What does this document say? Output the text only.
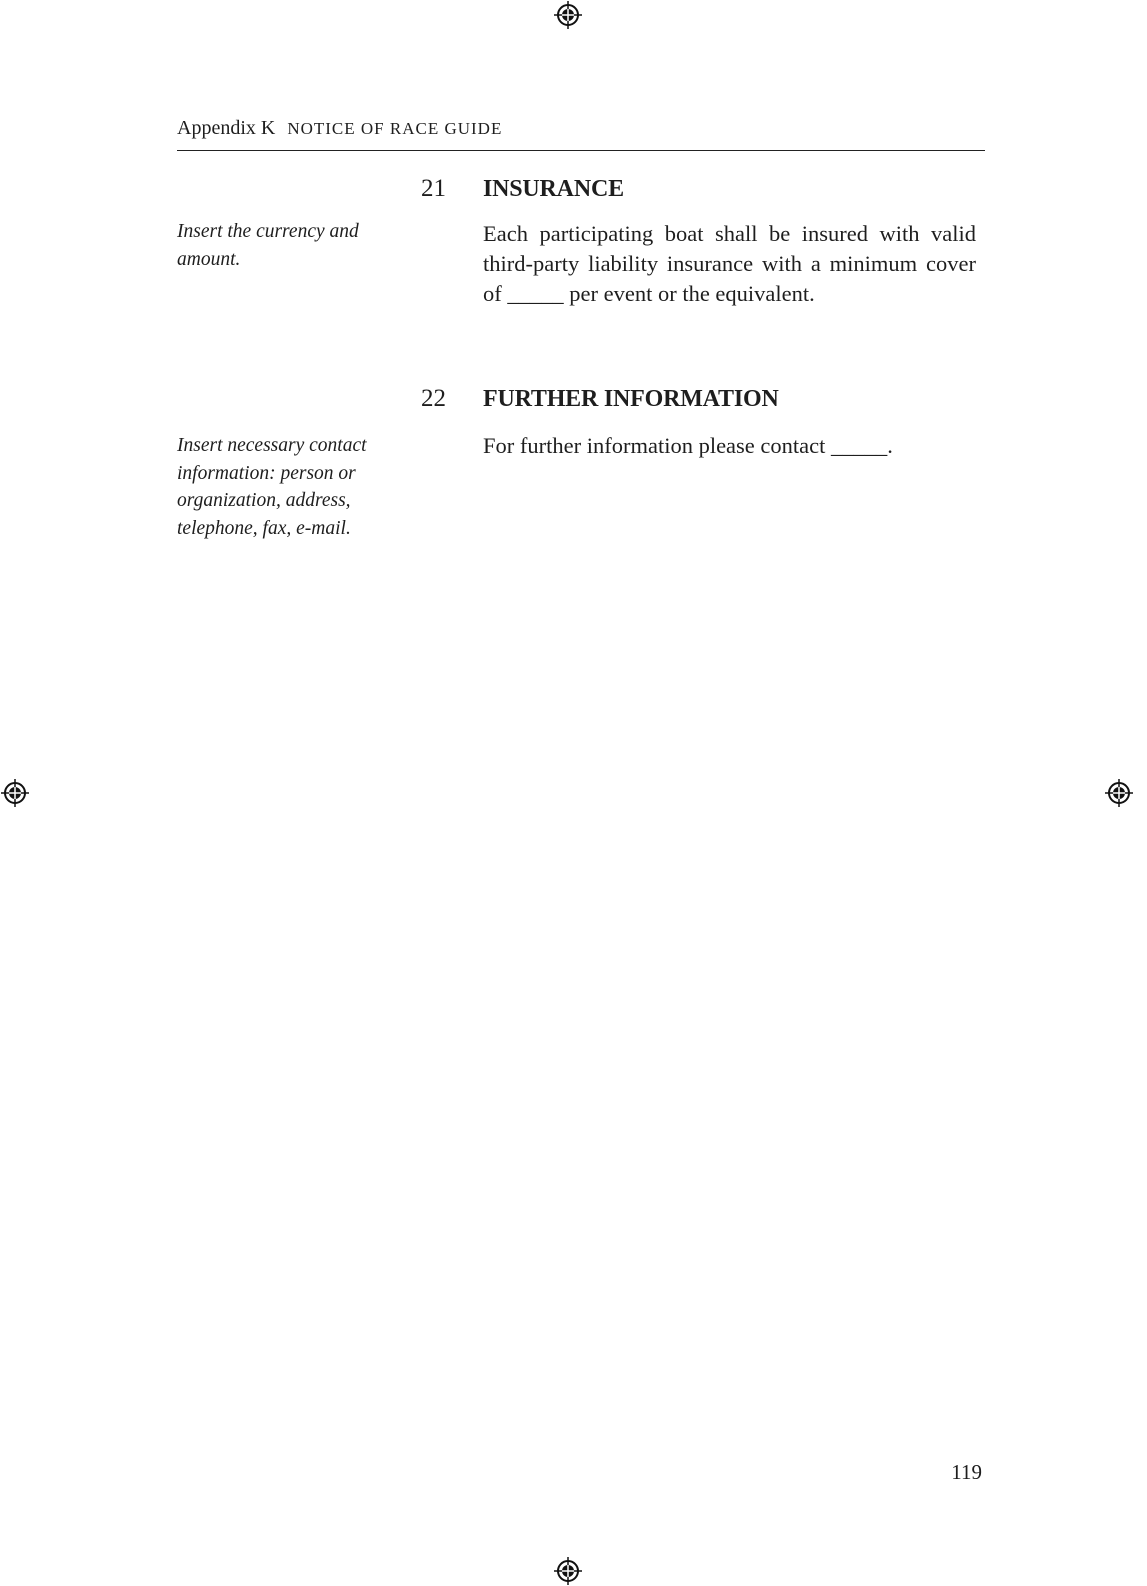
Appendix K NOTICE OF RACE GUIDE
21 INSURANCE
Insert the currency and amount.
Each participating boat shall be insured with valid third-party liability insurance with a minimum cover of _____ per event or the equivalent.
22 FURTHER INFORMATION
Insert necessary contact information: person or organization, address, telephone, fax, e-mail.
For further information please contact _____.
119
